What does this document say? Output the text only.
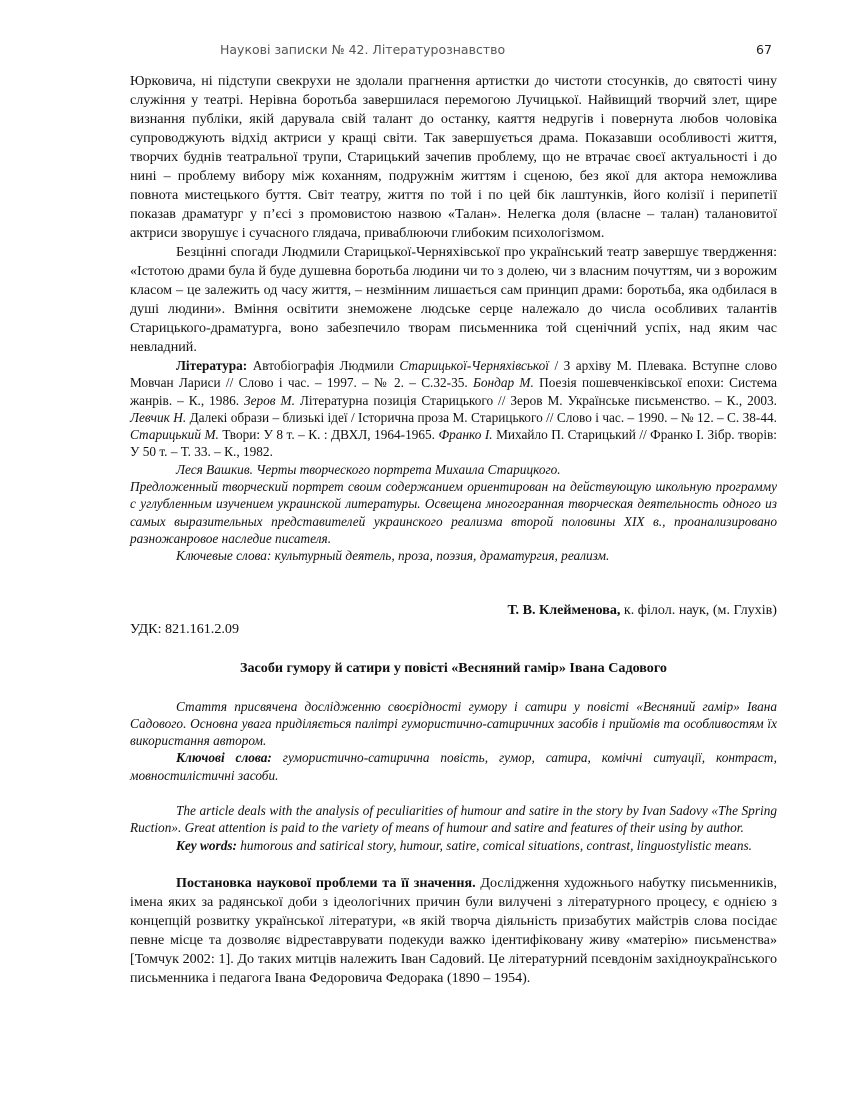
Наукові записки № 42. Літературознавство	67

Юрковича, ні підступи свекрухи не здолали прагнення артистки до чистоти стосунків, до святості чину служіння у театрі. Нерівна боротьба завершилася перемогою Лучицької. Найвищий творчий злет, щире визнання публіки, якій дарувала свій талант до останку, каяття недругів і повернута любов чоловіка супроводжують відхід актриси у кращі світи. Так завершується драма. Показавши особливості життя, творчих буднів театральної трупи, Старицький зачепив проблему, що не втрачає своєї актуальності і до нині – проблему вибору між коханням, подружнім життям і сценою, без якої для актора неможлива повнота мистецького буття. Світ театру, життя по той і по цей бік лаштунків, його колізії і перипетії показав драматург у п’єсі з промовистою назвою «Талан». Нелегка доля (власне – талан) талановитої актриси зворушує і сучасного глядача, приваблюючи глибоким психологізмом.

Безцінні спогади Людмили Старицької-Черняхівської про український театр завершує твердження: «Істотою драми була й буде душевна боротьба людини чи то з долею, чи з власним почуттям, чи з ворожим класом – це залежить од часу життя, – незмінним лишається сам принцип драми: боротьба, яка одбилася в душі людини». Вміння освітити знеможене людське серце належало до числа особливих талантів Старицького-драматурга, воно забезпечило творам письменника той сценічний успіх, над яким час невладний.

Література: Автобіографія Людмили Старицької-Черняхівської / З архіву М. Плевака. Вступне слово Мовчан Лариси // Слово і час. – 1997. – № 2. – С.32-35. Бондар М. Поезія пошевченківської епохи: Система жанрів. – К., 1986. Зеров М. Літературна позиція Старицького // Зеров М. Українське письменство. – К., 2003. Левчик Н. Далекі образи – близькі ідеї / Історична проза М. Старицького // Слово і час. – 1990. – № 12. – С. 38-44. Старицький М. Твори: У 8 т. – К. : ДВХЛ, 1964-1965. Франко І. Михайло П. Старицький // Франко І. Зібр. творів: У 50 т. – Т. 33. – К., 1982.

Леся Вашкив. Черты творческого портрета Михаила Старицкого.

Предложенный творческий портрет своим содержанием ориентирован на действующую школьную программу с углубленным изучением украинской литературы. Освещена многогранная творческая деятельность одного из самых выразительных представителей украинского реализма второй половины XIX в., проанализировано разножанровое наследие писателя.

Ключевые слова: культурный деятель, проза, поэзия, драматургия, реализм.

Т. В. Клейменова, к. філол. наук, (м. Глухів)

УДК: 821.161.2.09

Засоби гумору й сатири у повісті «Весняний гамір» Івана Садового

Стаття присвячена дослідженню своєрідності гумору і сатири у повісті «Весняний гамір» Івана Садового. Основна увага приділяється палітрі гумористично-сатиричних засобів і прийомів та особливостям їх використання автором.

Ключові слова: гумористично-сатирична повість, гумор, сатира, комічні ситуації, контраст, мовностилістичні засоби.

The article deals with the analysis of peculiarities of humour and satire in the story by Ivan Sadovy «The Spring Ruction». Great attention is paid to the variety of means of humour and satire and features of their using by author.

Key words: humorous and satirical story, humour, satire, comical situations, contrast, linguostylistic means.

Постановка наукової проблеми та її значення. Дослідження художнього набутку письменників, імена яких за радянської доби з ідеологічних причин були вилучені з літературного процесу, є однією з концепцій розвитку української літератури, «в якій творча діяльність призабутих майстрів слова посідає певне місце та дозволяє відреставрувати подекуди важко ідентифіковану живу «матерію» письменства» [Томчук 2002: 1]. До таких митців належить Іван Садовий. Це літературний псевдонім західноукраїнського письменника і педагога Івана Федоровича Федорака (1890 – 1954).
